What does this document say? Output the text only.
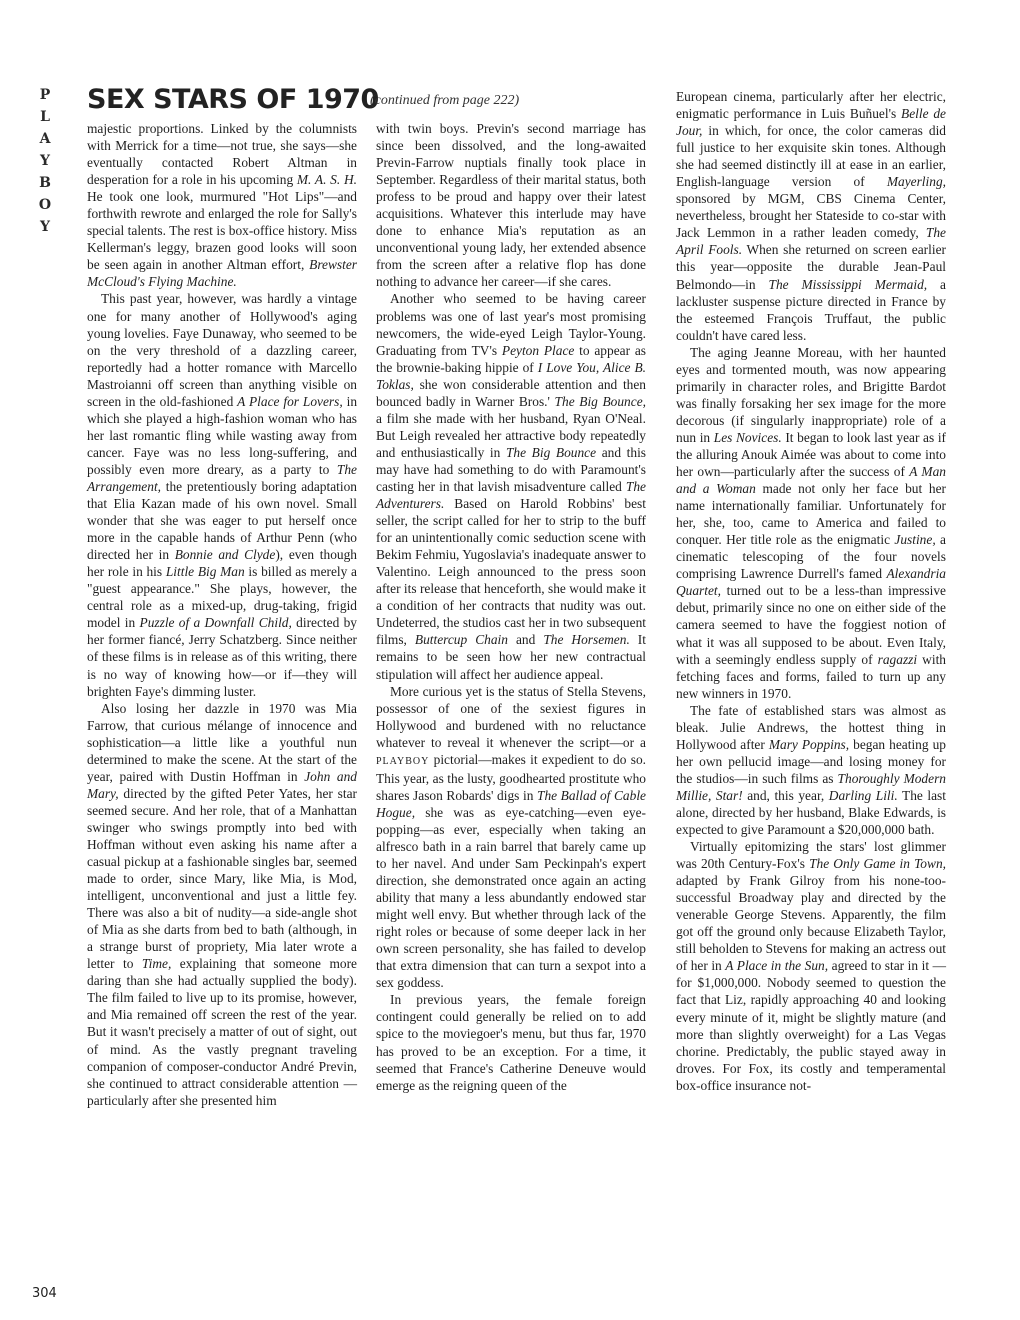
P
L
A
Y
B
O
Y
SEX STARS OF 1970
(continued from page 222)

majestic proportions. Linked by the columnists with Merrick for a time—not true, she says—she eventually contacted Robert Altman in desperation for a role in his upcoming M. A. S. H. He took one look, murmured "Hot Lips"—and forthwith rewrote and enlarged the role for Sally's special talents. The rest is box-office history. Miss Kellerman's leggy, brazen good looks will soon be seen again in another Altman effort, Brewster McCloud's Flying Machine.

This past year, however, was hardly a vintage one for many another of Hollywood's aging young lovelies. Faye Dunaway, who seemed to be on the very threshold of a dazzling career, reportedly had a hotter romance with Marcello Mastroianni off screen than anything visible on screen in the old-fashioned A Place for Lovers, in which she played a high-fashion woman who has her last romantic fling while wasting away from cancer. Faye was no less long-suffering, and possibly even more dreary, as a party to The Arrangement, the pretentiously boring adaptation that Elia Kazan made of his own novel. Small wonder that she was eager to put herself once more in the capable hands of Arthur Penn (who directed her in Bonnie and Clyde), even though her role in his Little Big Man is billed as merely a "guest appearance." She plays, however, the central role as a mixed-up, drug-taking, frigid model in Puzzle of a Downfall Child, directed by her former fiancé, Jerry Schatzberg. Since neither of these films is in release as of this writing, there is no way of knowing how—or if—they will brighten Faye's dimming luster.

Also losing her dazzle in 1970 was Mia Farrow, that curious mélange of innocence and sophistication—a little like a youthful nun determined to make the scene. At the start of the year, paired with Dustin Hoffman in John and Mary, directed by the gifted Peter Yates, her star seemed secure. And her role, that of a Manhattan swinger who swings promptly into bed with Hoffman without even asking his name after a casual pickup at a fashionable singles bar, seemed made to order, since Mary, like Mia, is Mod, intelligent, unconventional and just a little fey. There was also a bit of nudity—a side-angle shot of Mia as she darts from bed to bath (although, in a strange burst of propriety, Mia later wrote a letter to Time, explaining that someone more daring than she had actually supplied the body). The film failed to live up to its promise, however, and Mia remained off screen the rest of the year. But it wasn't precisely a matter of out of sight, out of mind. As the vastly pregnant traveling companion of composer-conductor André Previn, she continued to attract considerable attention —particularly after she presented him

with twin boys. Previn's second marriage has since been dissolved, and the long-awaited Previn-Farrow nuptials finally took place in September. Regardless of their marital status, both profess to be proud and happy over their latest acquisitions. Whatever this interlude may have done to enhance Mia's reputation as an unconventional young lady, her extended absence from the screen after a relative flop has done nothing to advance her career—if she cares.

Another who seemed to be having career problems was one of last year's most promising newcomers, the wide-eyed Leigh Taylor-Young. Graduating from TV's Peyton Place to appear as the brownie-baking hippie of I Love You, Alice B. Toklas, she won considerable attention and then bounced badly in Warner Bros.' The Big Bounce, a film she made with her husband, Ryan O'Neal. But Leigh revealed her attractive body repeatedly and enthusiastically in The Big Bounce and this may have had something to do with Paramount's casting her in that lavish misadventure called The Adventurers. Based on Harold Robbins' best seller, the script called for her to strip to the buff for an unintentionally comic seduction scene with Bekim Fehmiu, Yugoslavia's inadequate answer to Valentino. Leigh announced to the press soon after its release that henceforth, she would make it a condition of her contracts that nudity was out. Undeterred, the studios cast her in two subsequent films, Buttercup Chain and The Horsemen. It remains to be seen how her new contractual stipulation will affect her audience appeal.

More curious yet is the status of Stella Stevens, possessor of one of the sexiest figures in Hollywood and burdened with no reluctance whatever to reveal it whenever the script—or a PLAYBOY pictorial—makes it expedient to do so. This year, as the lusty, goodhearted prostitute who shares Jason Robards' digs in The Ballad of Cable Hogue, she was as eye-catching—even eye-popping—as ever, especially when taking an alfresco bath in a rain barrel that barely came up to her navel. And under Sam Peckinpah's expert direction, she demonstrated once again an acting ability that many a less abundantly endowed star might well envy. But whether through lack of the right roles or because of some deeper lack in her own screen personality, she has failed to develop that extra dimension that can turn a sexpot into a sex goddess.

In previous years, the female foreign contingent could generally be relied on to add spice to the moviegoer's menu, but thus far, 1970 has proved to be an exception. For a time, it seemed that France's Catherine Deneuve would emerge as the reigning queen of the

European cinema, particularly after her electric, enigmatic performance in Luis Buñuel's Belle de Jour, in which, for once, the color cameras did full justice to her exquisite skin tones. Although she had seemed distinctly ill at ease in an earlier, English-language version of Mayerling, sponsored by MGM, CBS Cinema Center, nevertheless, brought her Stateside to co-star with Jack Lemmon in a rather leaden comedy, The April Fools. When she returned on screen earlier this year—opposite the durable Jean-Paul Belmondo—in The Mississippi Mermaid, a lackluster suspense picture directed in France by the esteemed François Truffaut, the public couldn't have cared less.

The aging Jeanne Moreau, with her haunted eyes and tormented mouth, was now appearing primarily in character roles, and Brigitte Bardot was finally forsaking her sex image for the more decorous (if singularly inappropriate) role of a nun in Les Novices. It began to look last year as if the alluring Anouk Aimée was about to come into her own—particularly after the success of A Man and a Woman made not only her face but her name internationally familiar. Unfortunately for her, she, too, came to America and failed to conquer. Her title role as the enigmatic Justine, a cinematic telescoping of the four novels comprising Lawrence Durrell's famed Alexandria Quartet, turned out to be a less-than impressive debut, primarily since no one on either side of the camera seemed to have the foggiest notion of what it was all supposed to be about. Even Italy, with a seemingly endless supply of ragazzi with fetching faces and forms, failed to turn up any new winners in 1970.

The fate of established stars was almost as bleak. Julie Andrews, the hottest thing in Hollywood after Mary Poppins, began heating up her own pellucid image—and losing money for the studios—in such films as Thoroughly Modern Millie, Star! and, this year, Darling Lili. The last alone, directed by her husband, Blake Edwards, is expected to give Paramount a $20,000,000 bath.

Virtually epitomizing the stars' lost glimmer was 20th Century-Fox's The Only Game in Town, adapted by Frank Gilroy from his none-too-successful Broadway play and directed by the venerable George Stevens. Apparently, the film got off the ground only because Elizabeth Taylor, still beholden to Stevens for making an actress out of her in A Place in the Sun, agreed to star in it —for $1,000,000. Nobody seemed to question the fact that Liz, rapidly approaching 40 and looking every minute of it, might be slightly mature (and more than slightly overweight) for a Las Vegas chorine. Predictably, the public stayed away in droves. For Fox, its costly and temperamental box-office insurance not-

304
